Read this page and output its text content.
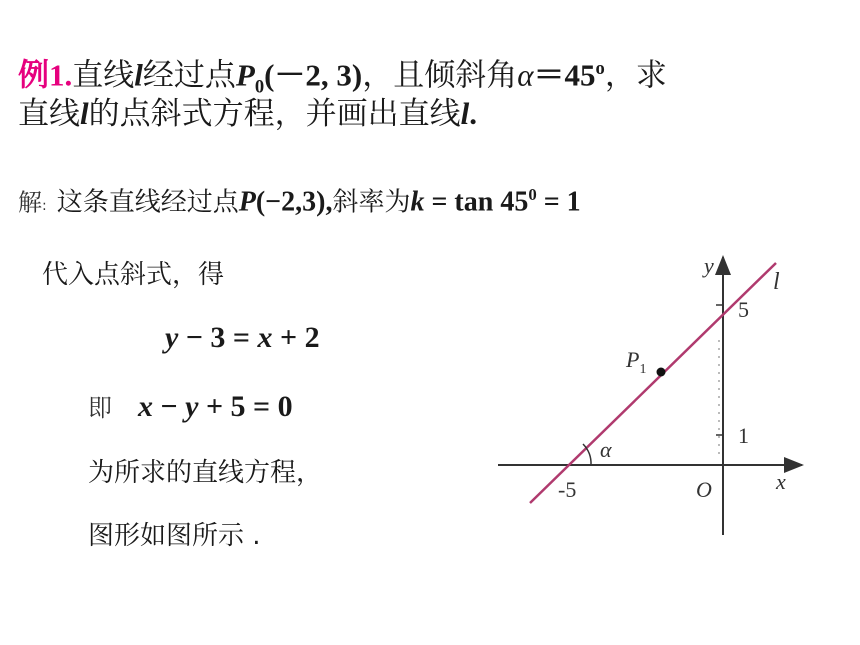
例1.直线l经过点$P_0(-2$, 3)，且倾斜角$\alpha=45^o$，求
直线l的点斜式方程，并画出直线l.
解: 这条直线经过点P(−2,3),斜率为$k = \tan 45^0 = 1$
代入点斜式，得
y − 3 = x + 2
即 x − y + 5 = 0
为所求的直线方程，
图形如图所示 .
y
l
5
1
-5	O	x
α
$P_1$
